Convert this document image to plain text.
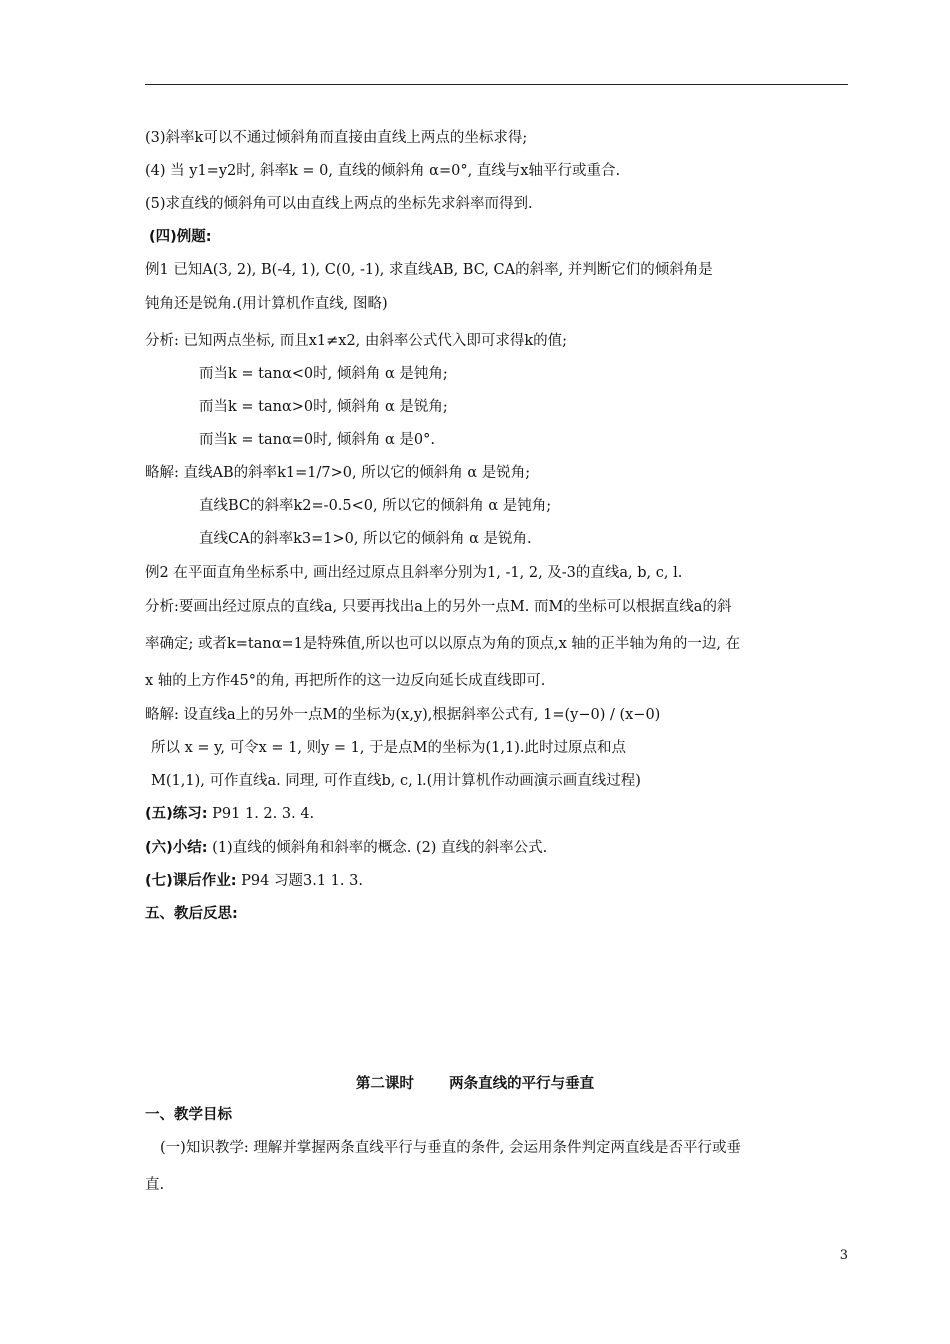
(3)斜率k可以不通过倾斜角而直接由直线上两点的坐标求得;
(4) 当 y1=y2时, 斜率k = 0, 直线的倾斜角 α=0°, 直线与x轴平行或重合.
(5)求直线的倾斜角可以由直线上两点的坐标先求斜率而得到.
(四)例题:
例1 已知A(3, 2), B(-4, 1), C(0, -1), 求直线AB, BC, CA的斜率, 并判断它们的倾斜角是
钝角还是锐角.(用计算机作直线, 图略)
分析: 已知两点坐标, 而且x1≠x2, 由斜率公式代入即可求得k的值;
而当k = tanα<0时, 倾斜角 α 是钝角;
而当k = tanα>0时, 倾斜角 α 是锐角;
而当k = tanα=0时, 倾斜角 α 是0°.
略解: 直线AB的斜率k1=1/7>0, 所以它的倾斜角 α 是锐角;
直线BC的斜率k2=-0.5<0, 所以它的倾斜角 α 是钝角;
直线CA的斜率k3=1>0, 所以它的倾斜角 α 是锐角.
例2 在平面直角坐标系中, 画出经过原点且斜率分别为1, -1, 2, 及-3的直线a, b, c, l.
分析:要画出经过原点的直线a, 只要再找出a上的另外一点M. 而M的坐标可以根据直线a的斜
率确定; 或者k=tanα=1是特殊值,所以也可以以原点为角的顶点,x 轴的正半轴为角的一边, 在
x 轴的上方作45°的角, 再把所作的这一边反向延长成直线即可.
略解: 设直线a上的另外一点M的坐标为(x,y),根据斜率公式有, 1=(y−0) / (x−0)
所以 x = y, 可令x = 1, 则y = 1, 于是点M的坐标为(1,1).此时过原点和点
M(1,1), 可作直线a. 同理, 可作直线b, c, l.(用计算机作动画演示画直线过程)
(五)练习: P91 1. 2. 3. 4.
(六)小结: (1)直线的倾斜角和斜率的概念. (2) 直线的斜率公式.
(七)课后作业: P94 习题3.1 1. 3.
五、教后反思:
第二课时       两条直线的平行与垂直
一、教学目标
(一)知识教学: 理解并掌握两条直线平行与垂直的条件, 会运用条件判定两直线是否平行或垂
直.
3
